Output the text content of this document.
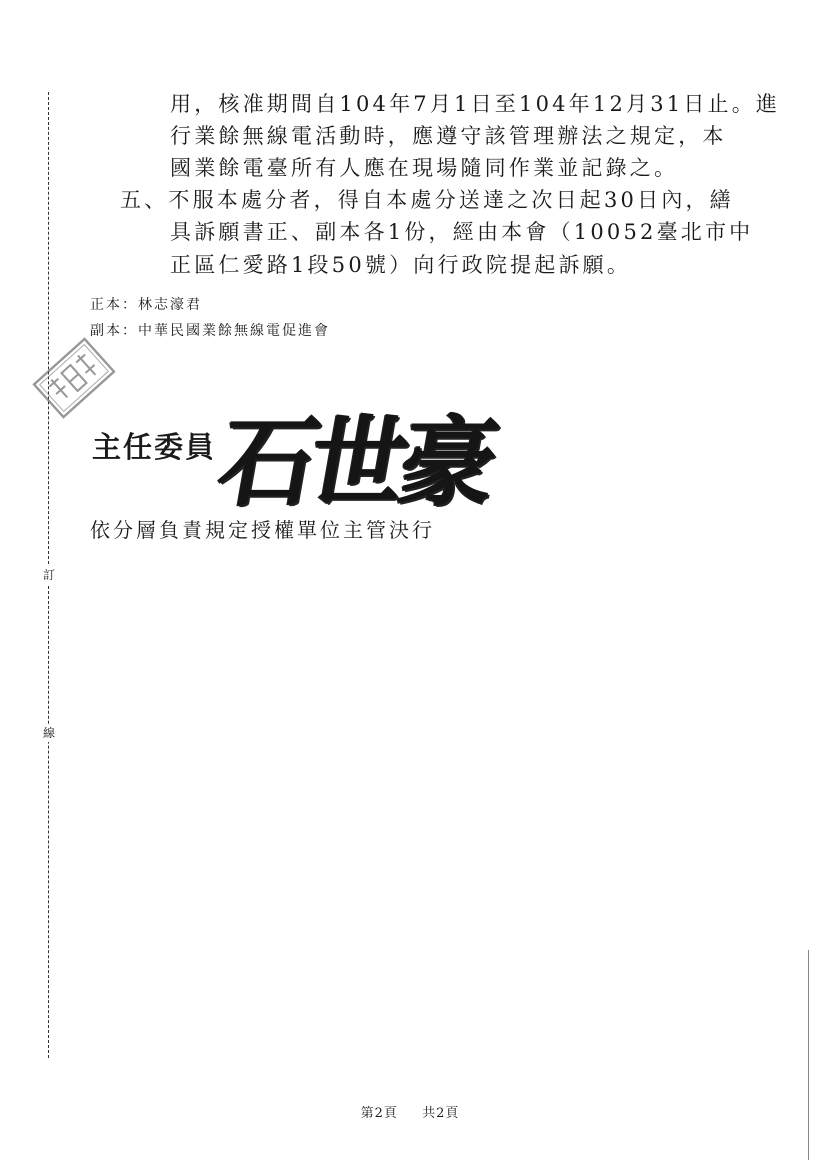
訂
線
用，核准期間自104年7月1日至104年12月31日止。進
行業餘無線電活動時，應遵守該管理辦法之規定，本
國業餘電臺所有人應在現場隨同作業並記錄之。
五、不服本處分者，得自本處分送達之次日起30日內，繕
具訴願書正、副本各1份，經由本會（10052臺北市中
正區仁愛路1段50號）向行政院提起訴願。
正本：林志濠君
副本：中華民國業餘無線電促進會
主任委員
石世豪
依分層負責規定授權單位主管決行
第2頁 共2頁
